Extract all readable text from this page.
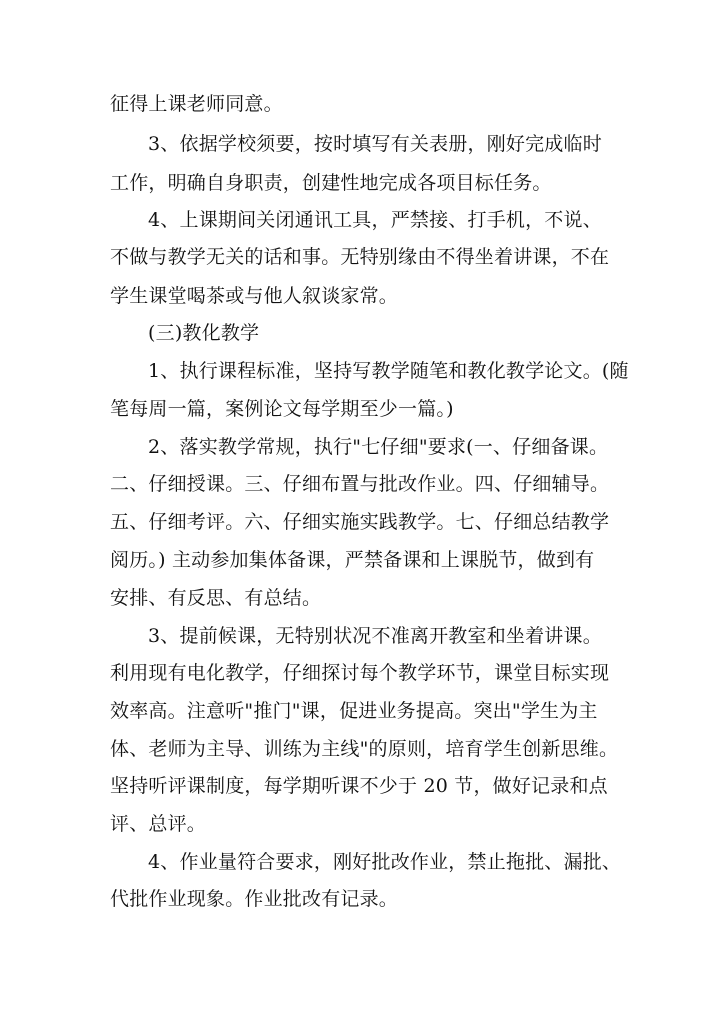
征得上课老师同意。
3、依据学校须要，按时填写有关表册，刚好完成临时
工作，明确自身职责，创建性地完成各项目标任务。
4、上课期间关闭通讯工具，严禁接、打手机，不说、
不做与教学无关的话和事。无特别缘由不得坐着讲课，不在
学生课堂喝茶或与他人叙谈家常。
(三)教化教学
1、执行课程标准，坚持写教学随笔和教化教学论文。(随
笔每周一篇，案例论文每学期至少一篇。)
2、落实教学常规，执行"七仔细"要求(一、仔细备课。
二、仔细授课。三、仔细布置与批改作业。四、仔细辅导。
五、仔细考评。六、仔细实施实践教学。七、仔细总结教学
阅历。) 主动参加集体备课，严禁备课和上课脱节，做到有
安排、有反思、有总结。
3、提前候课，无特别状况不准离开教室和坐着讲课。
利用现有电化教学，仔细探讨每个教学环节，课堂目标实现
效率高。注意听"推门"课，促进业务提高。突出"学生为主
体、老师为主导、训练为主线"的原则，培育学生创新思维。
坚持听评课制度，每学期听课不少于 20 节，做好记录和点
评、总评。
4、作业量符合要求，刚好批改作业，禁止拖批、漏批、
代批作业现象。作业批改有记录。
